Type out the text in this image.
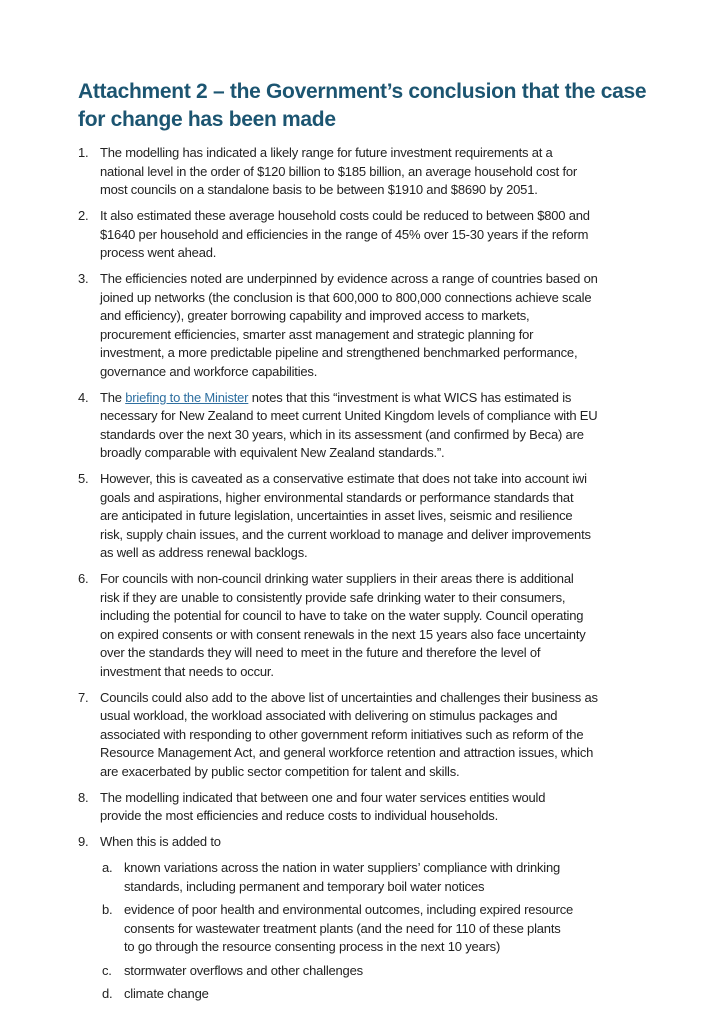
Attachment 2 – the Government’s conclusion that the case
for change has been made
1. The modelling has indicated a likely range for future investment requirements at a
national level in the order of $120 billion to $185 billion, an average household cost for
most councils on a standalone basis to be between $1910 and $8690 by 2051.
2. It also estimated these average household costs could be reduced to between $800 and
$1640 per household and efficiencies in the range of 45% over 15-30 years if the reform
process went ahead.
3. The efficiencies noted are underpinned by evidence across a range of countries based on
joined up networks (the conclusion is that 600,000 to 800,000 connections achieve scale
and efficiency), greater borrowing capability and improved access to markets,
procurement efficiencies, smarter asst management and strategic planning for
investment, a more predictable pipeline and strengthened benchmarked performance,
governance and workforce capabilities.
4. The briefing to the Minister notes that this “investment is what WICS has estimated is
necessary for New Zealand to meet current United Kingdom levels of compliance with EU
standards over the next 30 years, which in its assessment (and confirmed by Beca) are
broadly comparable with equivalent New Zealand standards.”.
5. However, this is caveated as a conservative estimate that does not take into account iwi
goals and aspirations, higher environmental standards or performance standards that
are anticipated in future legislation, uncertainties in asset lives, seismic and resilience
risk, supply chain issues, and the current workload to manage and deliver improvements
as well as address renewal backlogs.
6. For councils with non-council drinking water suppliers in their areas there is additional
risk if they are unable to consistently provide safe drinking water to their consumers,
including the potential for council to have to take on the water supply. Council operating
on expired consents or with consent renewals in the next 15 years also face uncertainty
over the standards they will need to meet in the future and therefore the level of
investment that needs to occur.
7. Councils could also add to the above list of uncertainties and challenges their business as
usual workload, the workload associated with delivering on stimulus packages and
associated with responding to other government reform initiatives such as reform of the
Resource Management Act, and general workforce retention and attraction issues, which
are exacerbated by public sector competition for talent and skills.
8. The modelling indicated that between one and four water services entities would
provide the most efficiencies and reduce costs to individual households.
9. When this is added to
a. known variations across the nation in water suppliers’ compliance with drinking
standards, including permanent and temporary boil water notices
b. evidence of poor health and environmental outcomes, including expired resource
consents for wastewater treatment plants (and the need for 110 of these plants
to go through the resource consenting process in the next 10 years)
c. stormwater overflows and other challenges
d. climate change
